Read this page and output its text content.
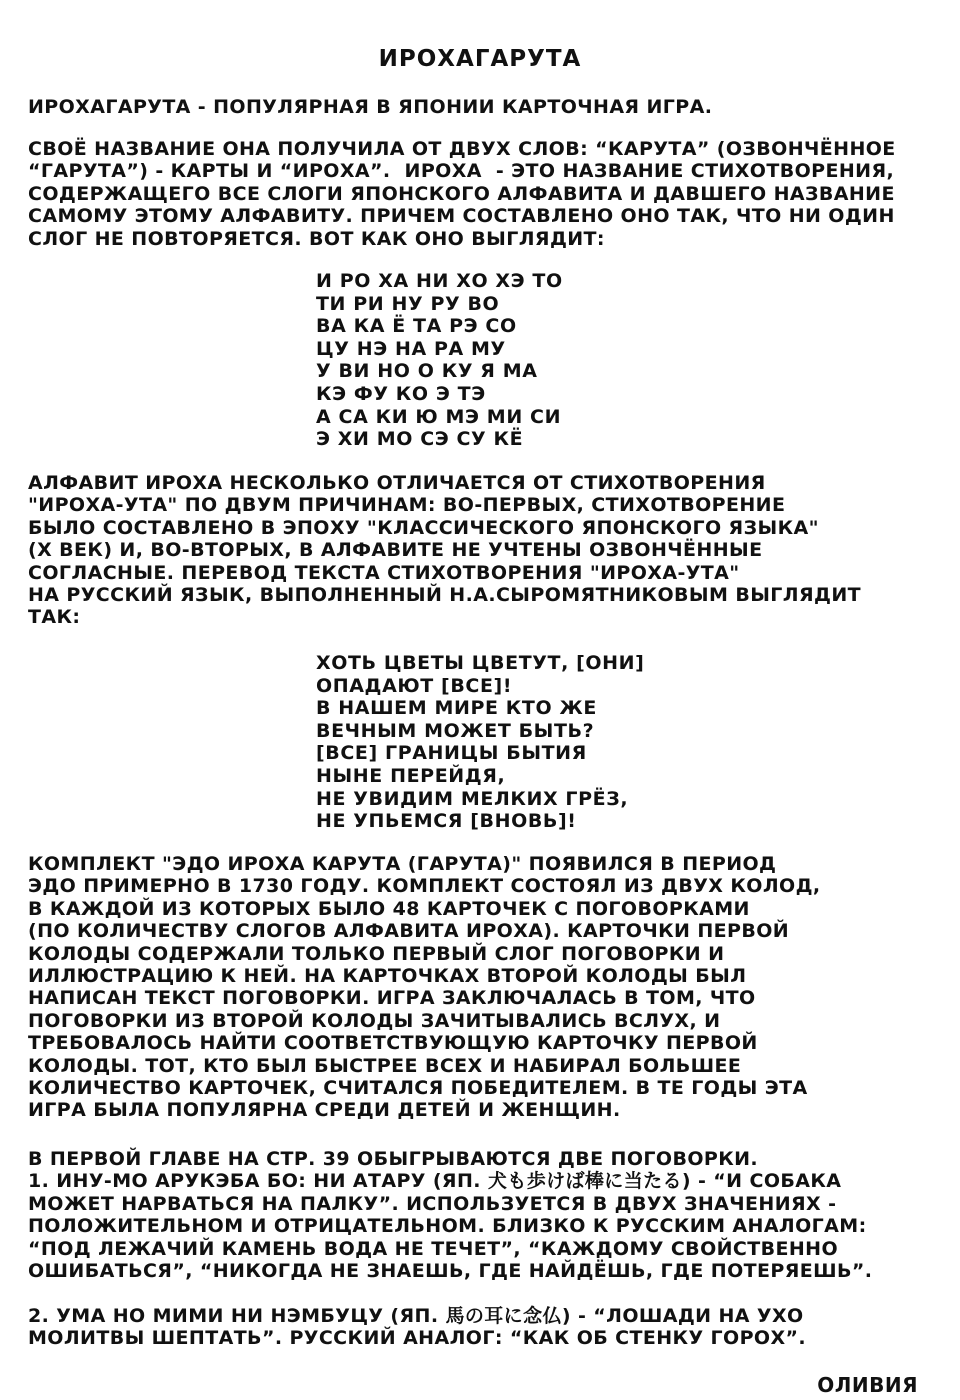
ИРОХАГАРУТА

ИРОХАГАРУТА - ПОПУЛЯРНАЯ В ЯПОНИИ КАРТОЧНАЯ ИГРА.

СВОЁ НАЗВАНИЕ ОНА ПОЛУЧИЛА ОТ ДВУХ СЛОВ: “КАРУТА” (ОЗВОНЧЁННОЕ
“ГАРУТА”) - КАРТЫ И “ИРОХА”.  ИРОХА  - ЭТО НАЗВАНИЕ СТИХОТВОРЕНИЯ,
СОДЕРЖАЩЕГО ВСЕ СЛОГИ ЯПОНСКОГО АЛФАВИТА И ДАВШЕГО НАЗВАНИЕ
САМОМУ ЭТОМУ АЛФАВИТУ. ПРИЧЕМ СОСТАВЛЕНО ОНО ТАК, ЧТО НИ ОДИН
СЛОГ НЕ ПОВТОРЯЕТСЯ. ВОТ КАК ОНО ВЫГЛЯДИТ:

И РО ХА НИ ХО ХЭ ТО
ТИ РИ НУ РУ ВО
ВА КА Ё ТА РЭ СО
ЦУ НЭ НА РА МУ
У ВИ НО О КУ Я МА
КЭ ФУ КО Э ТЭ
А СА КИ Ю МЭ МИ СИ
Э ХИ МО СЭ СУ КЁ

АЛФАВИТ ИРОХА НЕСКОЛЬКО ОТЛИЧАЕТСЯ ОТ СТИХОТВОРЕНИЯ
"ИРОХА-УТА" ПО ДВУМ ПРИЧИНАМ: ВО-ПЕРВЫХ, СТИХОТВОРЕНИЕ
БЫЛО СОСТАВЛЕНО В ЭПОХУ "КЛАССИЧЕСКОГО ЯПОНСКОГО ЯЗЫКА"
(X ВЕК) И, ВО-ВТОРЫХ, В АЛФАВИТЕ НЕ УЧТЕНЫ ОЗВОНЧЁННЫЕ
СОГЛАСНЫЕ. ПЕРЕВОД ТЕКСТА СТИХОТВОРЕНИЯ "ИРОХА-УТА"
НА РУССКИЙ ЯЗЫК, ВЫПОЛНЕННЫЙ Н.А.СЫРОМЯТНИКОВЫМ ВЫГЛЯДИТ
ТАК:

ХОТЬ ЦВЕТЫ ЦВЕТУТ, [ОНИ]
ОПАДАЮТ [ВСЕ]!
В НАШЕМ МИРЕ КТО ЖЕ
ВЕЧНЫМ МОЖЕТ БЫТЬ?
[ВСЕ] ГРАНИЦЫ БЫТИЯ
НЫНЕ ПЕРЕЙДЯ,
НЕ УВИДИМ МЕЛКИХ ГРЁЗ,
НЕ УПЬЕМСЯ [ВНОВЬ]!

КОМПЛЕКТ "ЭДО ИРОХА КАРУТА (ГАРУТА)" ПОЯВИЛСЯ В ПЕРИОД
ЭДО ПРИМЕРНО В 1730 ГОДУ. КОМПЛЕКТ СОСТОЯЛ ИЗ ДВУХ КОЛОД,
В КАЖДОЙ ИЗ КОТОРЫХ БЫЛО 48 КАРТОЧЕК С ПОГОВОРКАМИ
(ПО КОЛИЧЕСТВУ СЛОГОВ АЛФАВИТА ИРОХА). КАРТОЧКИ ПЕРВОЙ
КОЛОДЫ СОДЕРЖАЛИ ТОЛЬКО ПЕРВЫЙ СЛОГ ПОГОВОРКИ И
ИЛЛЮСТРАЦИЮ К НЕЙ. НА КАРТОЧКАХ ВТОРОЙ КОЛОДЫ БЫЛ
НАПИСАН ТЕКСТ ПОГОВОРКИ. ИГРА ЗАКЛЮЧАЛАСЬ В ТОМ, ЧТО
ПОГОВОРКИ ИЗ ВТОРОЙ КОЛОДЫ ЗАЧИТЫВАЛИСЬ ВСЛУХ, И
ТРЕБОВАЛОСЬ НАЙТИ СООТВЕТСТВУЮЩУЮ КАРТОЧКУ ПЕРВОЙ
КОЛОДЫ. ТОТ, КТО БЫЛ БЫСТРЕЕ ВСЕХ И НАБИРАЛ БОЛЬШЕЕ
КОЛИЧЕСТВО КАРТОЧЕК, СЧИТАЛСЯ ПОБЕДИТЕЛЕМ. В ТЕ ГОДЫ ЭТА
ИГРА БЫЛА ПОПУЛЯРНА СРЕДИ ДЕТЕЙ И ЖЕНЩИН.

В ПЕРВОЙ ГЛАВЕ НА СТР. 39 ОБЫГРЫВАЮТСЯ ДВЕ ПОГОВОРКИ.
1. ИНУ-МО АРУКЭБА БО: НИ АТАРУ (ЯП. 犬も歩けば棒に当たる) - “И СОБАКА
МОЖЕТ НАРВАТЬСЯ НА ПАЛКУ”. ИСПОЛЬЗУЕТСЯ В ДВУХ ЗНАЧЕНИЯХ -
ПОЛОЖИТЕЛЬНОМ И ОТРИЦАТЕЛЬНОМ. БЛИЗКО К РУССКИМ АНАЛОГАМ:
“ПОД ЛЕЖАЧИЙ КАМЕНЬ ВОДА НЕ ТЕЧЕТ”, “КАЖДОМУ СВОЙСТВЕННО
ОШИБАТЬСЯ”, “НИКОГДА НЕ ЗНАЕШЬ, ГДЕ НАЙДЁШЬ, ГДЕ ПОТЕРЯЕШЬ”.

2. УМА НО МИМИ НИ НЭМБУЦУ (ЯП. 馬の耳に念仏) - “ЛОШАДИ НА УХО
МОЛИТВЫ ШЕПТАТЬ”. РУССКИЙ АНАЛОГ: “КАК ОБ СТЕНКУ ГОРОХ”.

ОЛИВИЯ
